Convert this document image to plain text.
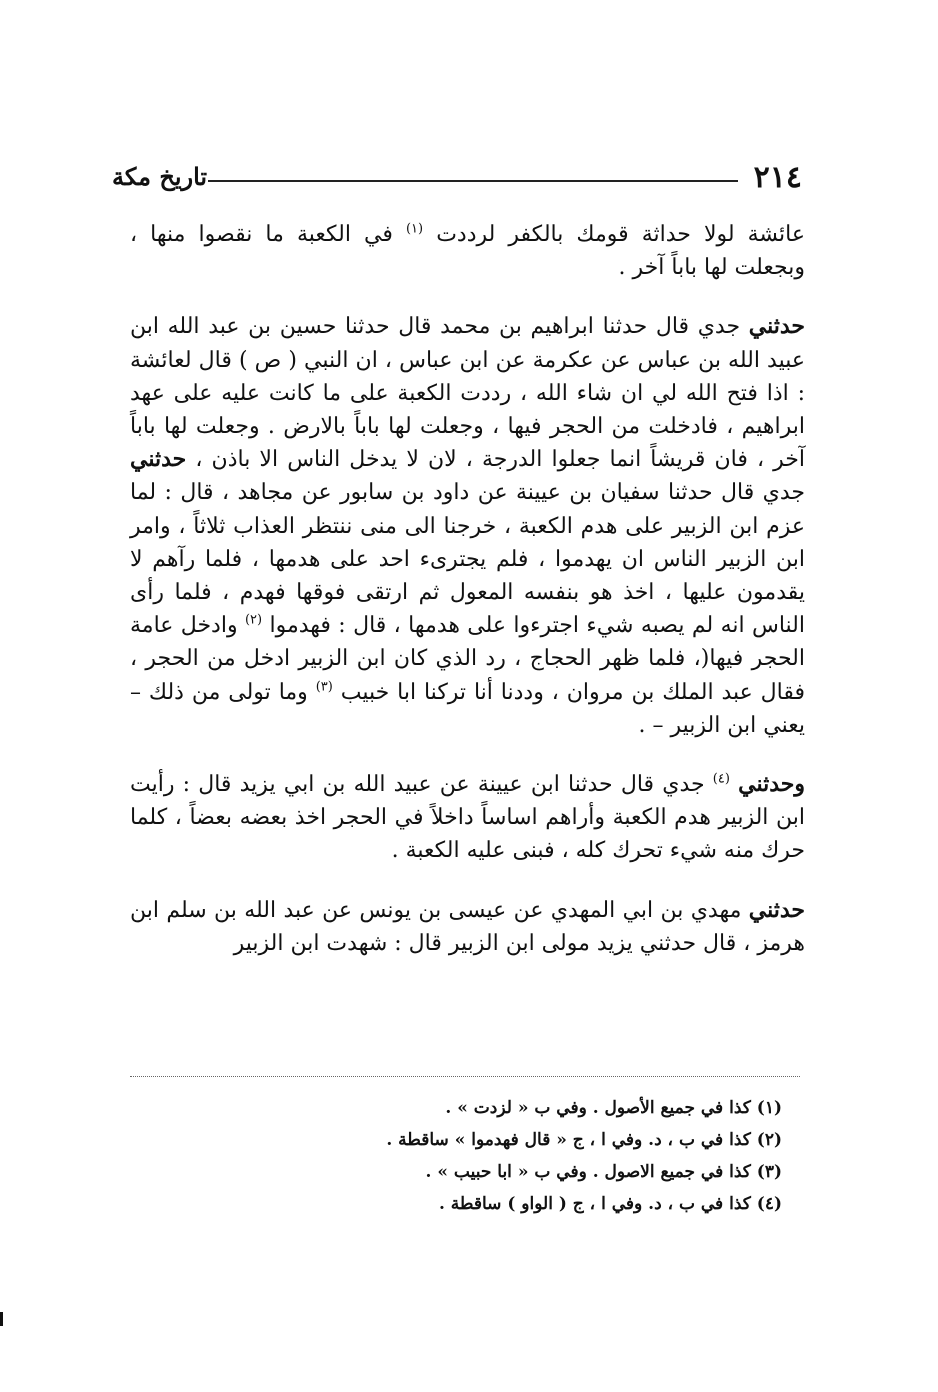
٢١٤
تاريخ مكة

عائشة لولا حداثة قومك بالكفر لرددت $^{(١)}$ في الكعبة ما نقصوا منها ، وبجعلت لها باباً آخر .

حدثني جدي قال حدثنا ابراهيم بن محمد قال حدثنا حسين بن عبد الله ابن عبيد الله بن عباس عن عكرمة عن ابن عباس ، ان النبي ( ص ) قال لعائشة : اذا فتح الله لي ان شاء الله ، رددت الكعبة على ما كانت عليه على عهد ابراهيم ، فادخلت من الحجر فيها ، وجعلت لها باباً بالارض . وجعلت لها باباً آخر ، فان قريشاً انما جعلوا الدرجة ، لان لا يدخل الناس الا باذن ، حدثني جدي قال حدثنا سفيان بن عيينة عن داود بن سابور عن مجاهد ، قال : لما عزم ابن الزبير على هدم الكعبة ، خرجنا الى منى ننتظر العذاب ثلاثاً ، وامر ابن الزبير الناس ان يهدموا ، فلم يجترىء احد على هدمها ، فلما رآهم لا يقدمون عليها ، اخذ هو بنفسه المعول ثم ارتقى فوقها فهدم ، فلما رأى الناس انه لم يصبه شيء اجترءوا على هدمها ، قال : فهدموا $^{(٢)}$ وادخل عامة الحجر فيها(، فلما ظهر الحجاج ، رد الذي كان ابن الزبير ادخل من الحجر ، فقال عبد الملك بن مروان ، وددنا أنا تركنا ابا خبيب $^{(٣)}$ وما تولى من ذلك – يعني ابن الزبير – .

وحدثني $^{(٤)}$ جدي قال حدثنا ابن عيينة عن عبيد الله بن ابي يزيد قال : رأيت ابن الزبير هدم الكعبة وأراهم اساساً داخلاً في الحجر اخذ بعضه بعضاً ، كلما حرك منه شيء تحرك كله ، فبنى عليه الكعبة .

حدثني مهدي بن ابي المهدي عن عيسى بن يونس عن عبد الله بن سلم ابن هرمز ، قال حدثني يزيد مولى ابن الزبير قال : شهدت ابن الزبير

(١) كذا في جميع الأصول . وفي ب « لزدت » .

(٢) كذا في ب ، د. وفي ا ، ج « قال فهدموا » ساقطة .

(٣) كذا في جميع الاصول . وفي ب « ابا حبيب » .

(٤) كذا في ب ، د. وفي ا ، ج ( الواو ) ساقطة .
